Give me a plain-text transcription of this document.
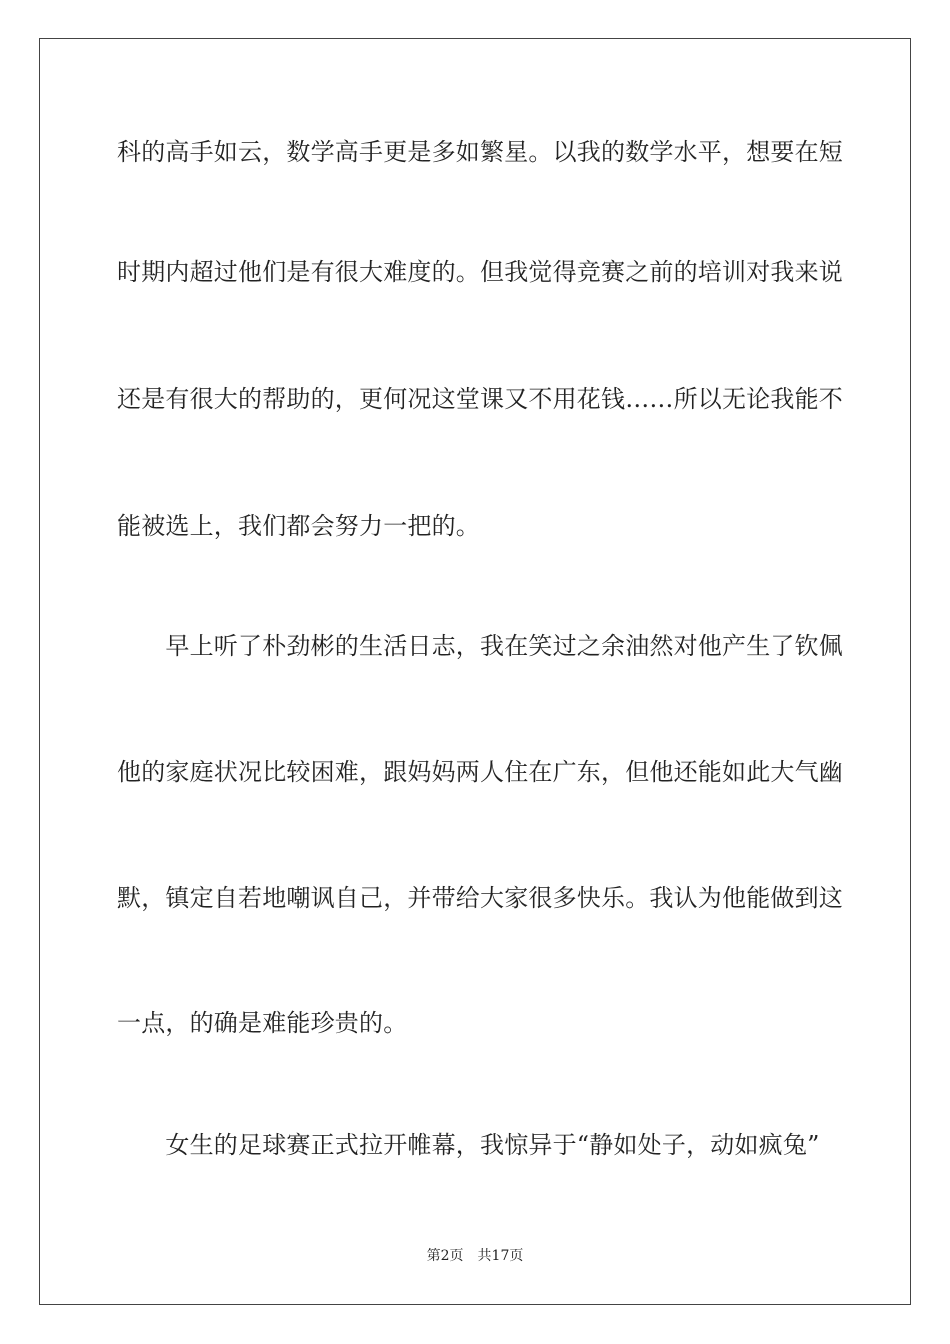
科的高手如云，数学高手更是多如繁星。以我的数学水平，想要在短
时期内超过他们是有很大难度的。但我觉得竞赛之前的培训对我来说
还是有很大的帮助的，更何况这堂课又不用花钱……所以无论我能不
能被选上，我们都会努力一把的。
　　早上听了朴劲彬的生活日志，我在笑过之余油然对他产生了钦佩
他的家庭状况比较困难，跟妈妈两人住在广东，但他还能如此大气幽
默，镇定自若地嘲讽自己，并带给大家很多快乐。我认为他能做到这
一点，的确是难能珍贵的。
　　女生的足球赛正式拉开帷幕，我惊异于“静如处子，动如疯兔”
第2页 共17页
